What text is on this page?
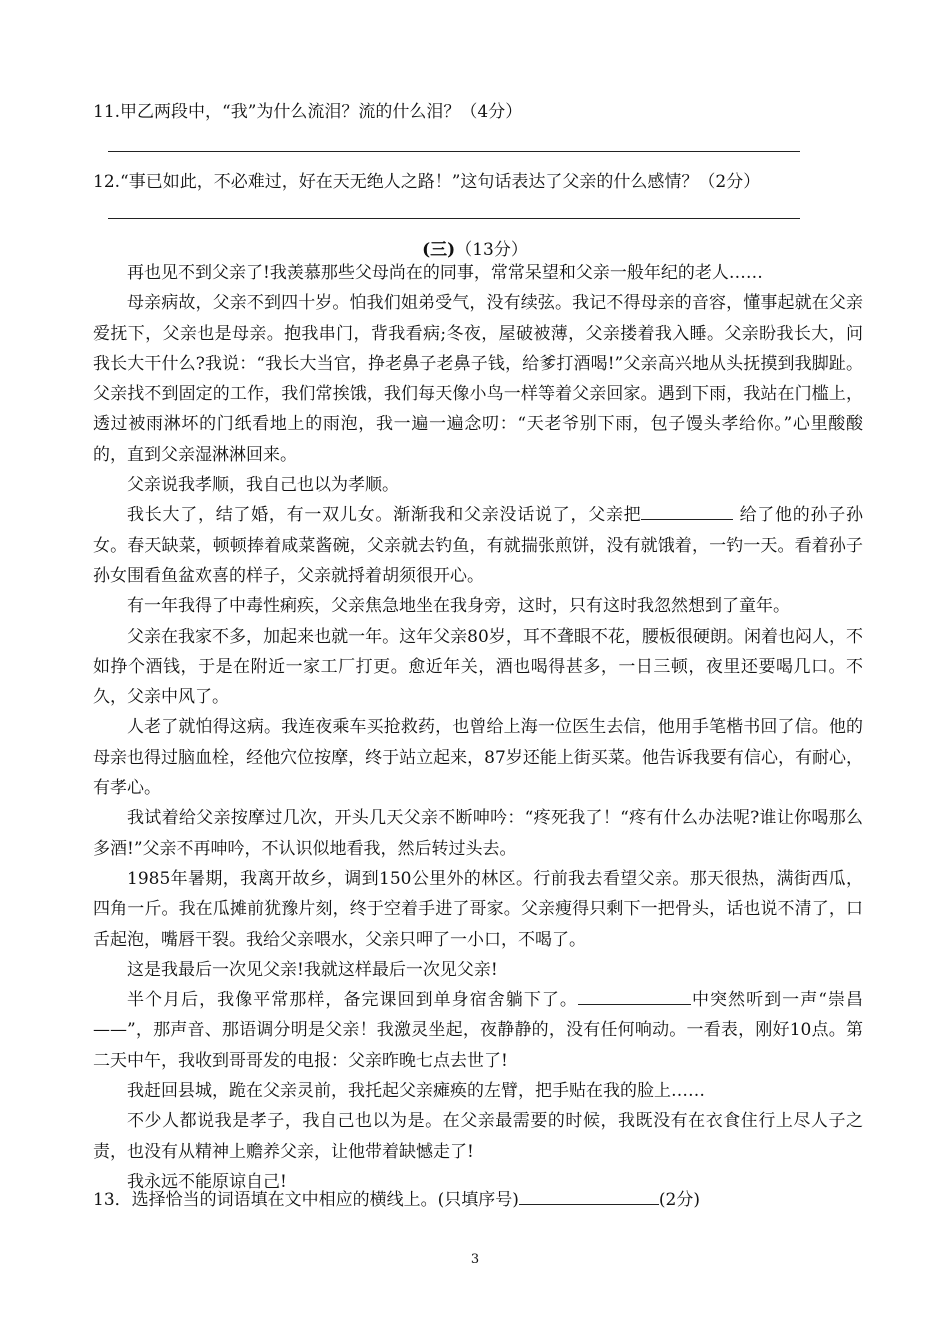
11.甲乙两段中，“我”为什么流泪？流的什么泪？（4分）
12.“事已如此，不必难过，好在天无绝人之路！”这句话表达了父亲的什么感情？（2分）
(三)（13分）

再也见不到父亲了!我羡慕那些父母尚在的同事，常常呆望和父亲一般年纪的老人……

母亲病故，父亲不到四十岁。怕我们姐弟受气，没有续弦。我记不得母亲的音容，懂事起就在父亲爱抚下，父亲也是母亲。抱我串门，背我看病;冬夜，屋破被薄，父亲搂着我入睡。父亲盼我长大，问我长大干什么?我说：“我长大当官，挣老鼻子老鼻子钱，给爹打酒喝!”父亲高兴地从头抚摸到我脚趾。父亲找不到固定的工作，我们常挨饿，我们每天像小鸟一样等着父亲回家。遇到下雨，我站在门槛上，透过被雨淋坏的门纸看地上的雨泡，我一遍一遍念叨：“天老爷别下雨，包子馒头孝给你。”心里酸酸的，直到父亲湿淋淋回来。

父亲说我孝顺，我自己也以为孝顺。

我长大了，结了婚，有一双儿女。渐渐我和父亲没话说了，父亲把	给了他的孙子孙女。春天缺菜，顿顿捧着咸菜酱碗，父亲就去钓鱼，有就揣张煎饼，没有就饿着，一钓一天。看着孙子孙女围看鱼盆欢喜的样子，父亲就捋着胡须很开心。

有一年我得了中毒性痢疾，父亲焦急地坐在我身旁，这时，只有这时我忽然想到了童年。

父亲在我家不多，加起来也就一年。这年父亲80岁，耳不聋眼不花，腰板很硬朗。闲着也闷人，不如挣个酒钱，于是在附近一家工厂打更。愈近年关，酒也喝得甚多，一日三顿，夜里还要喝几口。不久，父亲中风了。

人老了就怕得这病。我连夜乘车买抢救药，也曾给上海一位医生去信，他用手笔楷书回了信。他的母亲也得过脑血栓，经他穴位按摩，终于站立起来，87岁还能上街买菜。他告诉我要有信心，有耐心，有孝心。

我试着给父亲按摩过几次，开头几天父亲不断呻吟：“疼死我了！“疼有什么办法呢?谁让你喝那么多酒!”父亲不再呻吟，不认识似地看我，然后转过头去。

1985年暑期，我离开故乡，调到150公里外的林区。行前我去看望父亲。那天很热，满街西瓜，四角一斤。我在瓜摊前犹豫片刻，终于空着手进了哥家。父亲瘦得只剩下一把骨头，话也说不清了，口舌起泡，嘴唇干裂。我给父亲喂水，父亲只呷了一小口，不喝了。

这是我最后一次见父亲!我就这样最后一次见父亲!

半个月后，我像平常那样，备完课回到单身宿舍躺下了。	中突然听到一声“崇昌——”，那声音、那语调分明是父亲！我激灵坐起，夜静静的，没有任何响动。一看表，刚好10点。第二天中午，我收到哥哥发的电报：父亲昨晚七点去世了!

我赶回县城，跪在父亲灵前，我托起父亲瘫痪的左臂，把手贴在我的脸上……

不少人都说我是孝子，我自己也以为是。在父亲最需要的时候，我既没有在衣食住行上尽人子之责，也没有从精神上赡养父亲，让他带着缺憾走了!

我永远不能原谅自己!

13．选择恰当的词语填在文中相应的横线上。(只填序号)	(2分)
3
